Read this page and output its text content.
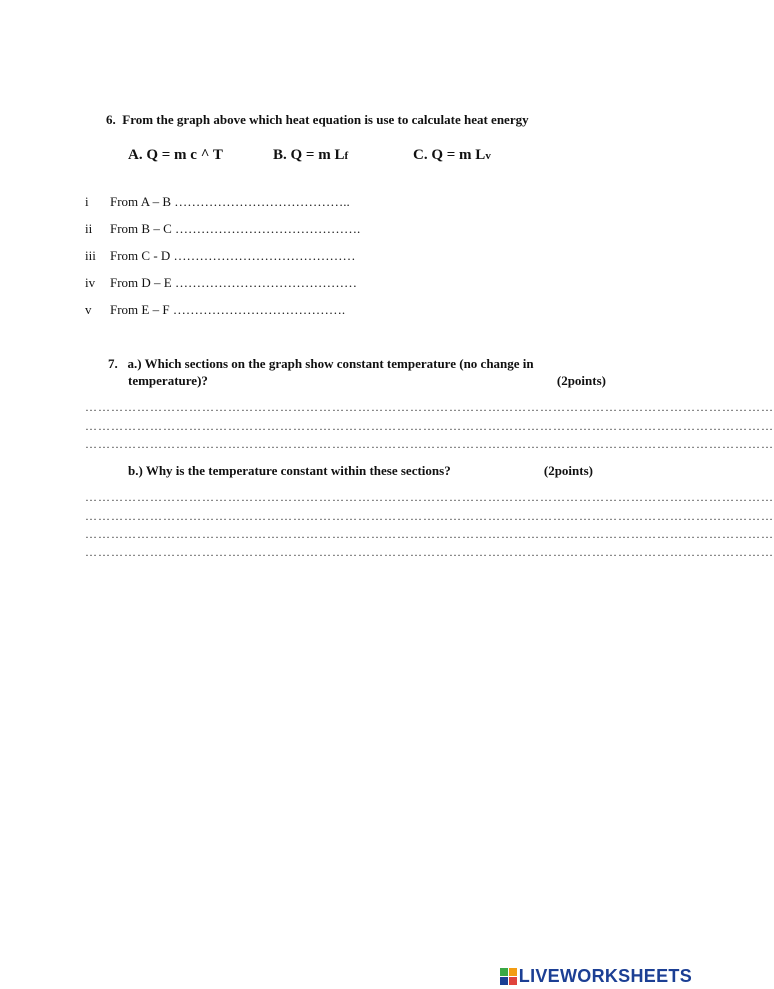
6. From the graph above which heat equation is use to calculate heat energy
A. Q = m c ^ T	B. Q = m Lf	C. Q = m Lv
i From A – B …………………………………..
ii From B – C …………………………………….
iii From C - D ……………………………………
iv From D – E ……………………………………
v From E – F ………………………………….
7. a.) Which sections on the graph show constant temperature (no change in
temperature)?	(2points)
……………………………………………………………………………………………………………………………………………
……………………………………………………………………………………………………………………………………………
……………………………………………………………………………………………………………………………………………
b.) Why is the temperature constant within these sections?	(2points)
……………………………………………………………………………………………………………………………………………
……………………………………………………………………………………………………………………………………………
……………………………………………………………………………………………………………………………………………
……………………………………………………………………………………………………………………………………………
LIVEWORKSHEETS
